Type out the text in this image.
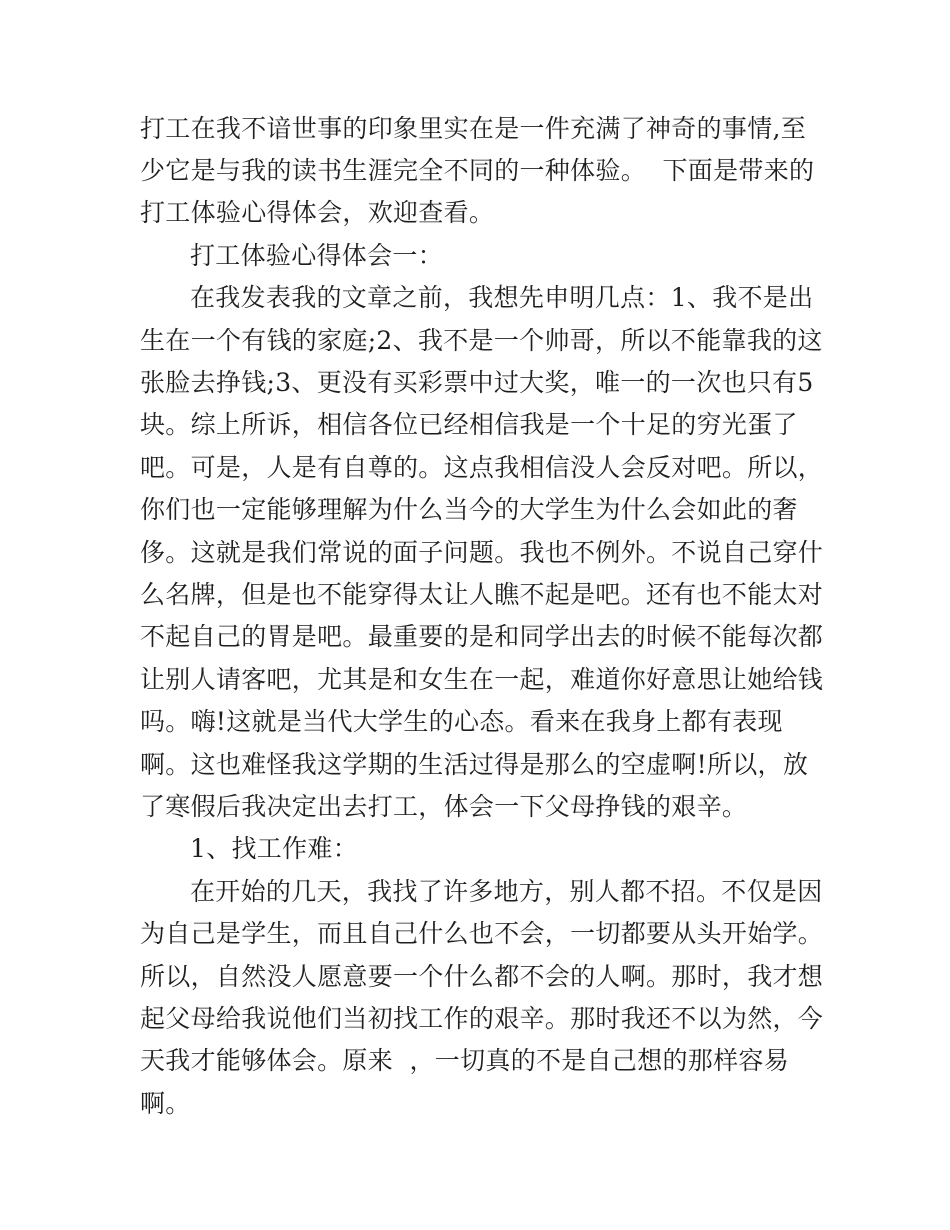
打工在我不谙世事的印象里实在是一件充满了神奇的事情,至
少它是与我的读书生涯完全不同的一种体验。  下面是带来的
打工体验心得体会，欢迎查看。
打工体验心得体会一：
在我发表我的文章之前，我想先申明几点：1、我不是出
生在一个有钱的家庭;2、我不是一个帅哥，所以不能靠我的这
张脸去挣钱;3、更没有买彩票中过大奖，唯一的一次也只有5
块。综上所诉，相信各位已经相信我是一个十足的穷光蛋了
吧。可是，人是有自尊的。这点我相信没人会反对吧。所以，
你们也一定能够理解为什么当今的大学生为什么会如此的奢
侈。这就是我们常说的面子问题。我也不例外。不说自己穿什
么名牌，但是也不能穿得太让人瞧不起是吧。还有也不能太对
不起自己的胃是吧。最重要的是和同学出去的时候不能每次都
让别人请客吧，尤其是和女生在一起，难道你好意思让她给钱
吗。嗨!这就是当代大学生的心态。看来在我身上都有表现
啊。这也难怪我这学期的生活过得是那么的空虚啊!所以，放
了寒假后我决定出去打工，体会一下父母挣钱的艰辛。
1、找工作难：
在开始的几天，我找了许多地方，别人都不招。不仅是因
为自己是学生，而且自己什么也不会，一切都要从头开始学。
所以，自然没人愿意要一个什么都不会的人啊。那时，我才想
起父母给我说他们当初找工作的艰辛。那时我还不以为然，今
天我才能够体会。原来  ，一切真的不是自己想的那样容易
啊。
